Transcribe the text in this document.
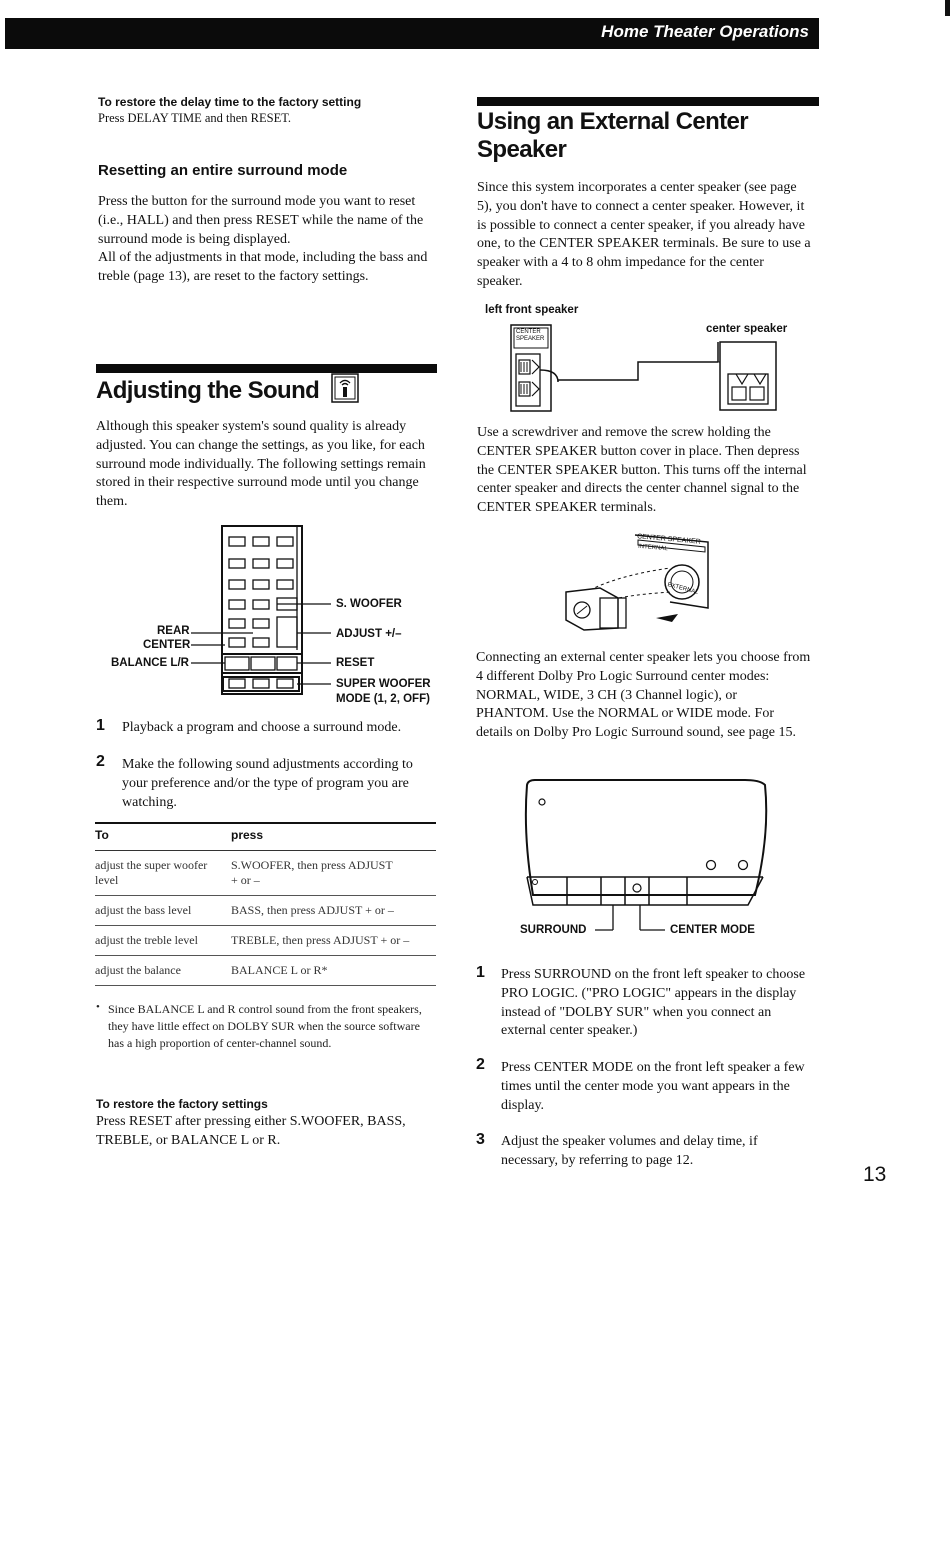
Home Theater Operations
To restore the delay time to the factory setting
Press DELAY TIME and then RESET.
Resetting an entire surround mode
Press the button for the surround mode you want to reset (i.e., HALL) and then press RESET while the name of the surround mode is being displayed.
All of the adjustments in that mode, including the bass and treble (page 13), are reset to the factory settings.
Adjusting the Sound
Although this speaker system's sound quality is already adjusted. You can change the settings, as you like, for each surround mode individually. The following settings remain stored in their respective surround mode until you change them.
S. WOOFER
ADJUST +/–
REAR
CENTER
BALANCE L/R	RESET
SUPER WOOFER
MODE (1, 2, OFF)
1 Playback a program and choose a surround mode.
2 Make the following sound adjustments according to your preference and/or the type of program you are watching.
To	press
adjust the super woofer level	S.WOOFER, then press ADJUST + or –
adjust the bass level	BASS, then press ADJUST + or –
adjust the treble level	TREBLE, then press ADJUST + or –
adjust the balance	BALANCE L or R*
• Since BALANCE L and R control sound from the front speakers, they have little effect on DOLBY SUR when the source software has a high proportion of center-channel sound.
To restore the factory settings
Press RESET after pressing either S.WOOFER, BASS, TREBLE, or BALANCE L or R.
Using an External Center
Speaker
Since this system incorporates a center speaker (see page 5), you don't have to connect a center speaker. However, it is possible to connect a center speaker, if you already have one, to the CENTER SPEAKER terminals. Be sure to use a speaker with a 4 to 8 ohm impedance for the center speaker.
left front speaker
center speaker
CENTER
SPEAKER
Use a screwdriver and remove the screw holding the CENTER SPEAKER button cover in place. Then depress the CENTER SPEAKER button. This turns off the internal center speaker and directs the center channel signal to the CENTER SPEAKER terminals.
CENTER SPEAKER
INTERNAL
EXTERNAL
Connecting an external center speaker lets you choose from 4 different Dolby Pro Logic Surround center modes: NORMAL, WIDE, 3 CH (3 Channel logic), or PHANTOM. Use the NORMAL or WIDE mode. For details on Dolby Pro Logic Surround sound, see page 15.
SURROUND	CENTER MODE
1 Press SURROUND on the front left speaker to choose PRO LOGIC. ("PRO LOGIC" appears in the display instead of "DOLBY SUR" when you connect an external center speaker.)
2 Press CENTER MODE on the front left speaker a few times until the center mode you want appears in the display.
3 Adjust the speaker volumes and delay time, if necessary, by referring to page 12.
13
